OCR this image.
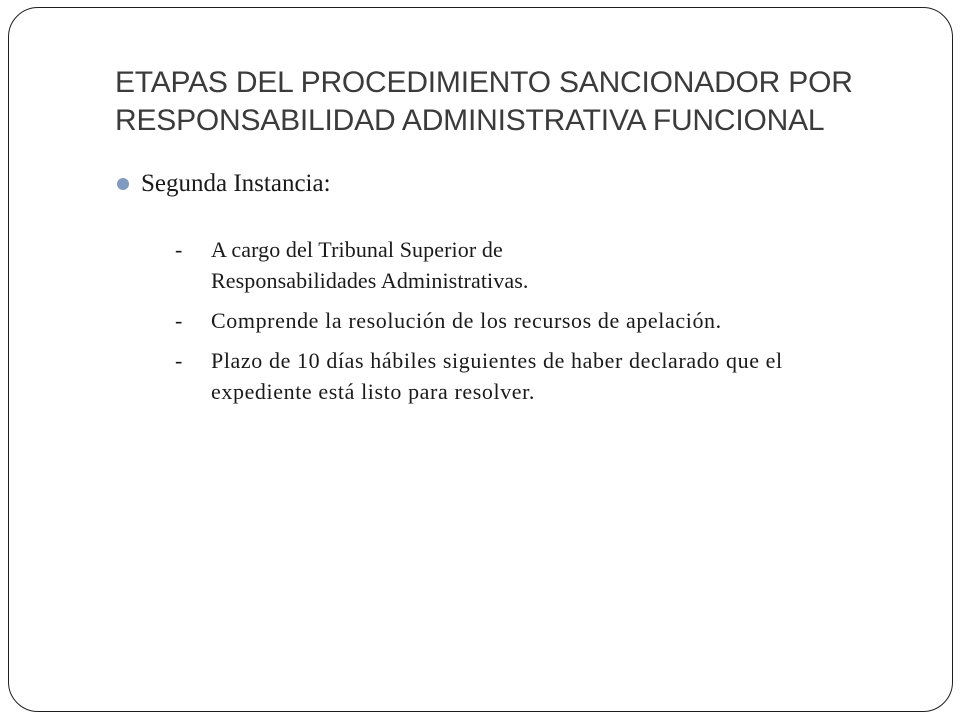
ETAPAS DEL PROCEDIMIENTO SANCIONADOR POR
RESPONSABILIDAD ADMINISTRATIVA FUNCIONAL
Segunda Instancia:
-	A cargo del Tribunal Superior de
Responsabilidades Administrativas.
-	Comprende la resolución de los recursos de apelación.
-	Plazo de 10 días hábiles siguientes de haber declarado que el
expediente está listo para resolver.
